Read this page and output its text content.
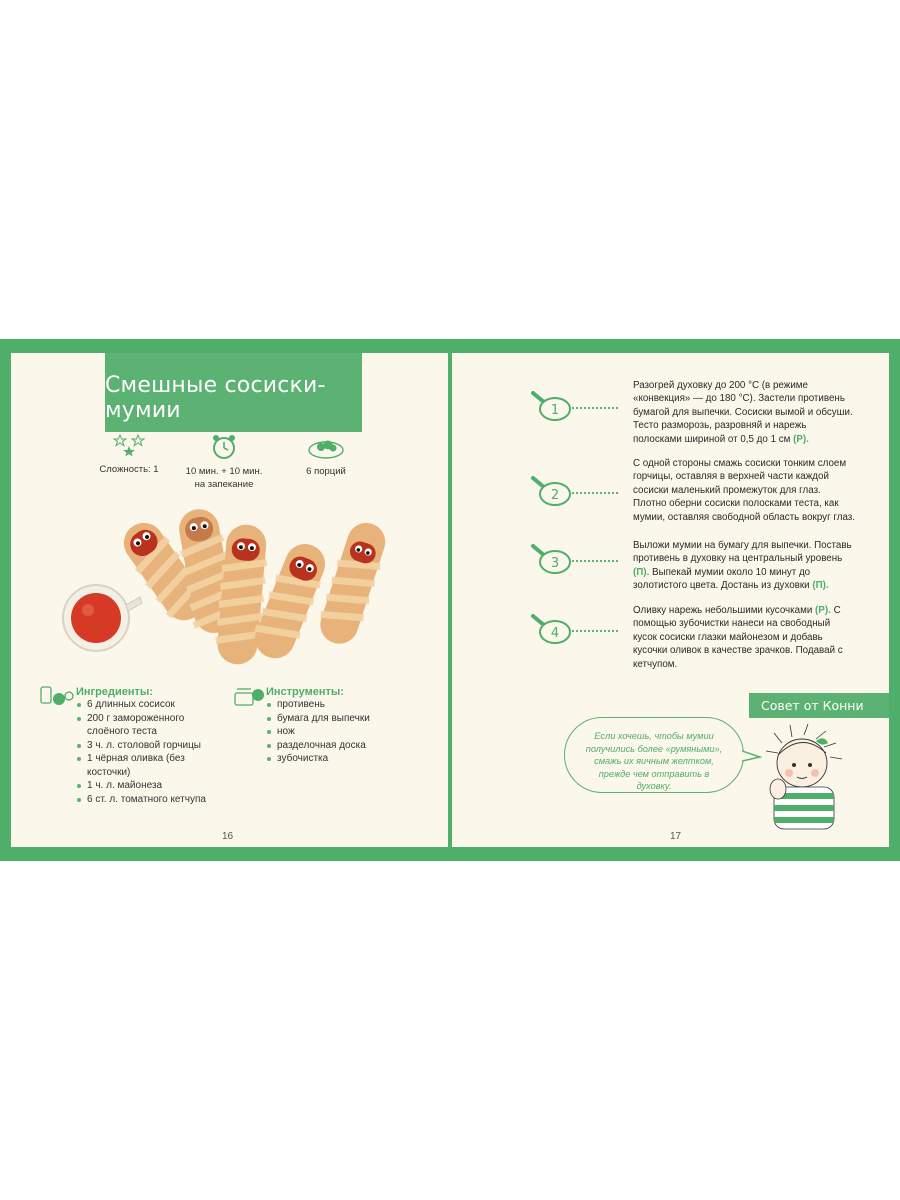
Смешные сосиски-мумии
Сложность: 1	10 мин. + 10 мин.
на запекание
6 порций
Ингредиенты:
6 длинных сосисок
200 г замороженного слоёного теста
3 ч. л. столовой горчицы
1 чёрная оливка (без косточки)
1 ч. л. майонеза
6 ст. л. томатного кетчупа
Инструменты:
противень
бумага для выпечки
нож
разделочная доска
зубочистка
16
1
Разогрей духовку до 200 °С (в режиме «конвекция» — до 180 °С). Застели противень бумагой для выпечки. Сосиски вымой и обсуши. Тесто разморозь, разровняй и нарежь полосками шириной от 0,5 до 1 см (Р).
2
С одной стороны смажь сосиски тонким слоем горчицы, оставляя в верхней части каждой сосиски маленький промежуток для глаз. Плотно оберни сосиски полосками теста, как мумии, оставляя свободной область вокруг глаз.
3
Выложи мумии на бумагу для выпечки. Поставь противень в духовку на центральный уровень (П). Выпекай мумии около 10 минут до золотистого цвета. Достань из духовки (П).
4
Оливку нарежь небольшими кусочками (Р). С помощью зубочистки нанеси на свободный кусок сосиски глазки майонезом и добавь кусочки оливок в качестве зрачков. Подавай с кетчупом.
Совет от Конни
Если хочешь, чтобы мумии получились более «румяными», смажь их яичным желтком, прежде чем отправить в духовку.
17
